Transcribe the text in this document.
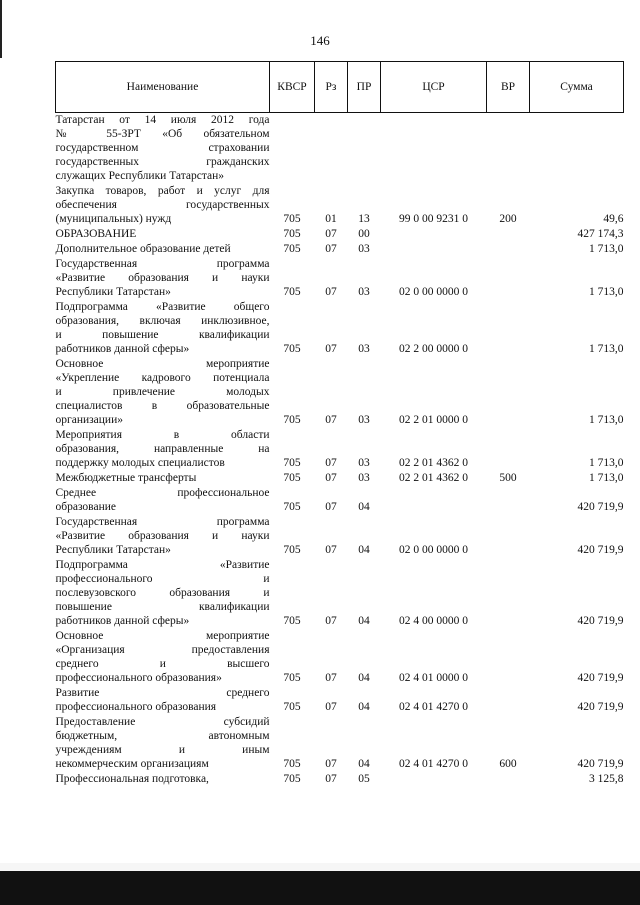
146
Наименование	КВСР	Рз	ПР	ЦСР	ВР	Сумма

Татарстан от 14 июля 2012 года
№ 55-ЗРТ «Об обязательном
государственном страховании
государственных гражданских
служащих Республики Татарстан»						

Закупка товаров, работ и услуг для
обеспечения государственных
(муниципальных) нужд	705	01	13	99 0 00 9231 0	200	49,6

ОБРАЗОВАНИЕ	705	07	00			427 174,3

Дополнительное образование детей	705	07	03			1 713,0

Государственная программа
«Развитие образования и науки
Республики Татарстан»	705	07	03	02 0 00 0000 0		1 713,0

Подпрограмма «Развитие общего
образования, включая инклюзивное,
и повышение квалификации
работников данной сферы»	705	07	03	02 2 00 0000 0		1 713,0

Основное мероприятие
«Укрепление кадрового потенциала
и привлечение молодых
специалистов в образовательные
организации»	705	07	03	02 2 01 0000 0		1 713,0

Мероприятия в области
образования, направленные на
поддержку молодых специалистов	705	07	03	02 2 01 4362 0		1 713,0

Межбюджетные трансферты	705	07	03	02 2 01 4362 0	500	1 713,0

Среднее профессиональное
образование	705	07	04			420 719,9

Государственная программа
«Развитие образования и науки
Республики Татарстан»	705	07	04	02 0 00 0000 0		420 719,9

Подпрограмма «Развитие
профессионального и
послевузовского образования и
повышение квалификации
работников данной сферы»	705	07	04	02 4 00 0000 0		420 719,9

Основное мероприятие
«Организация предоставления
среднего и высшего
профессионального образования»	705	07	04	02 4 01 0000 0		420 719,9

Развитие среднего
профессионального образования	705	07	04	02 4 01 4270 0		420 719,9

Предоставление субсидий
бюджетным, автономным
учреждениям и иным
некоммерческим организациям	705	07	04	02 4 01 4270 0	600	420 719,9

Профессиональная подготовка,	705	07	05			3 125,8
